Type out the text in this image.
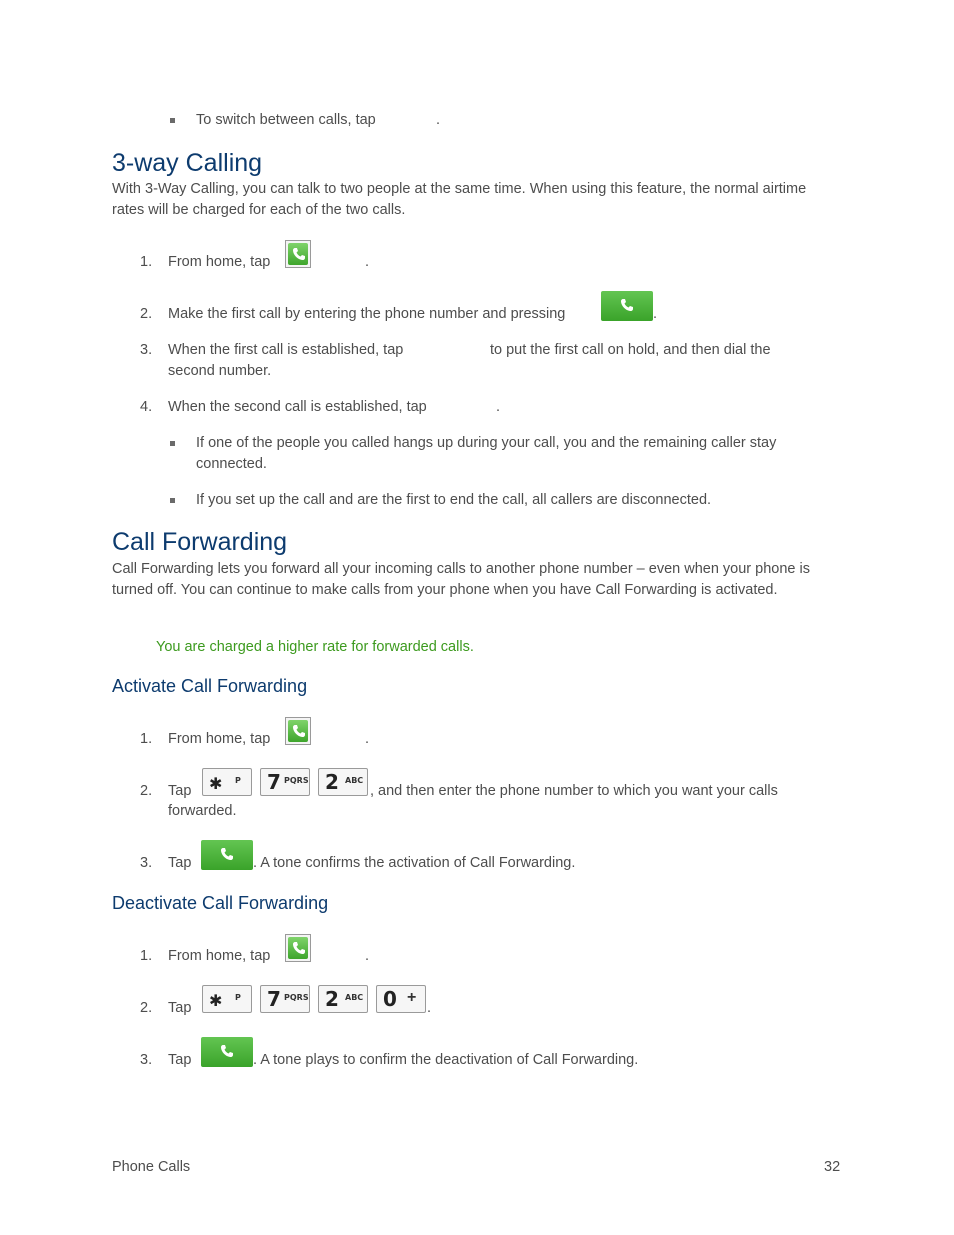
To switch between calls, tap	.
3-way Calling
With 3-Way Calling, you can talk to two people at the same time. When using this feature, the normal airtime rates will be charged for each of the two calls.
1. From home, tap	.
2. Make the first call by entering the phone number and pressing	.
3. When the first call is established, tap	to put the first call on hold, and then dial the
second number.
4. When the second call is established, tap	.
If one of the people you called hangs up during your call, you and the remaining caller stay
connected.
If you set up the call and are the first to end the call, all callers are disconnected.
Call Forwarding
Call Forwarding lets you forward all your incoming calls to another phone number – even when your phone is turned off. You can continue to make calls from your phone when you have Call Forwarding is activated.
You are charged a higher rate for forwarded calls.
Activate Call Forwarding
1. From home, tap	.
2. Tap ✱ P 7 PQRS 2 ABC
, and then enter the phone number to which you want your calls
forwarded.
3. Tap	. A tone confirms the activation of Call Forwarding.
Deactivate Call Forwarding
1. From home, tap	.
2. Tap ✱ P 7 PQRS 2 ABC 0 +
.
3. Tap	. A tone plays to confirm the deactivation of Call Forwarding.
Phone Calls	32
